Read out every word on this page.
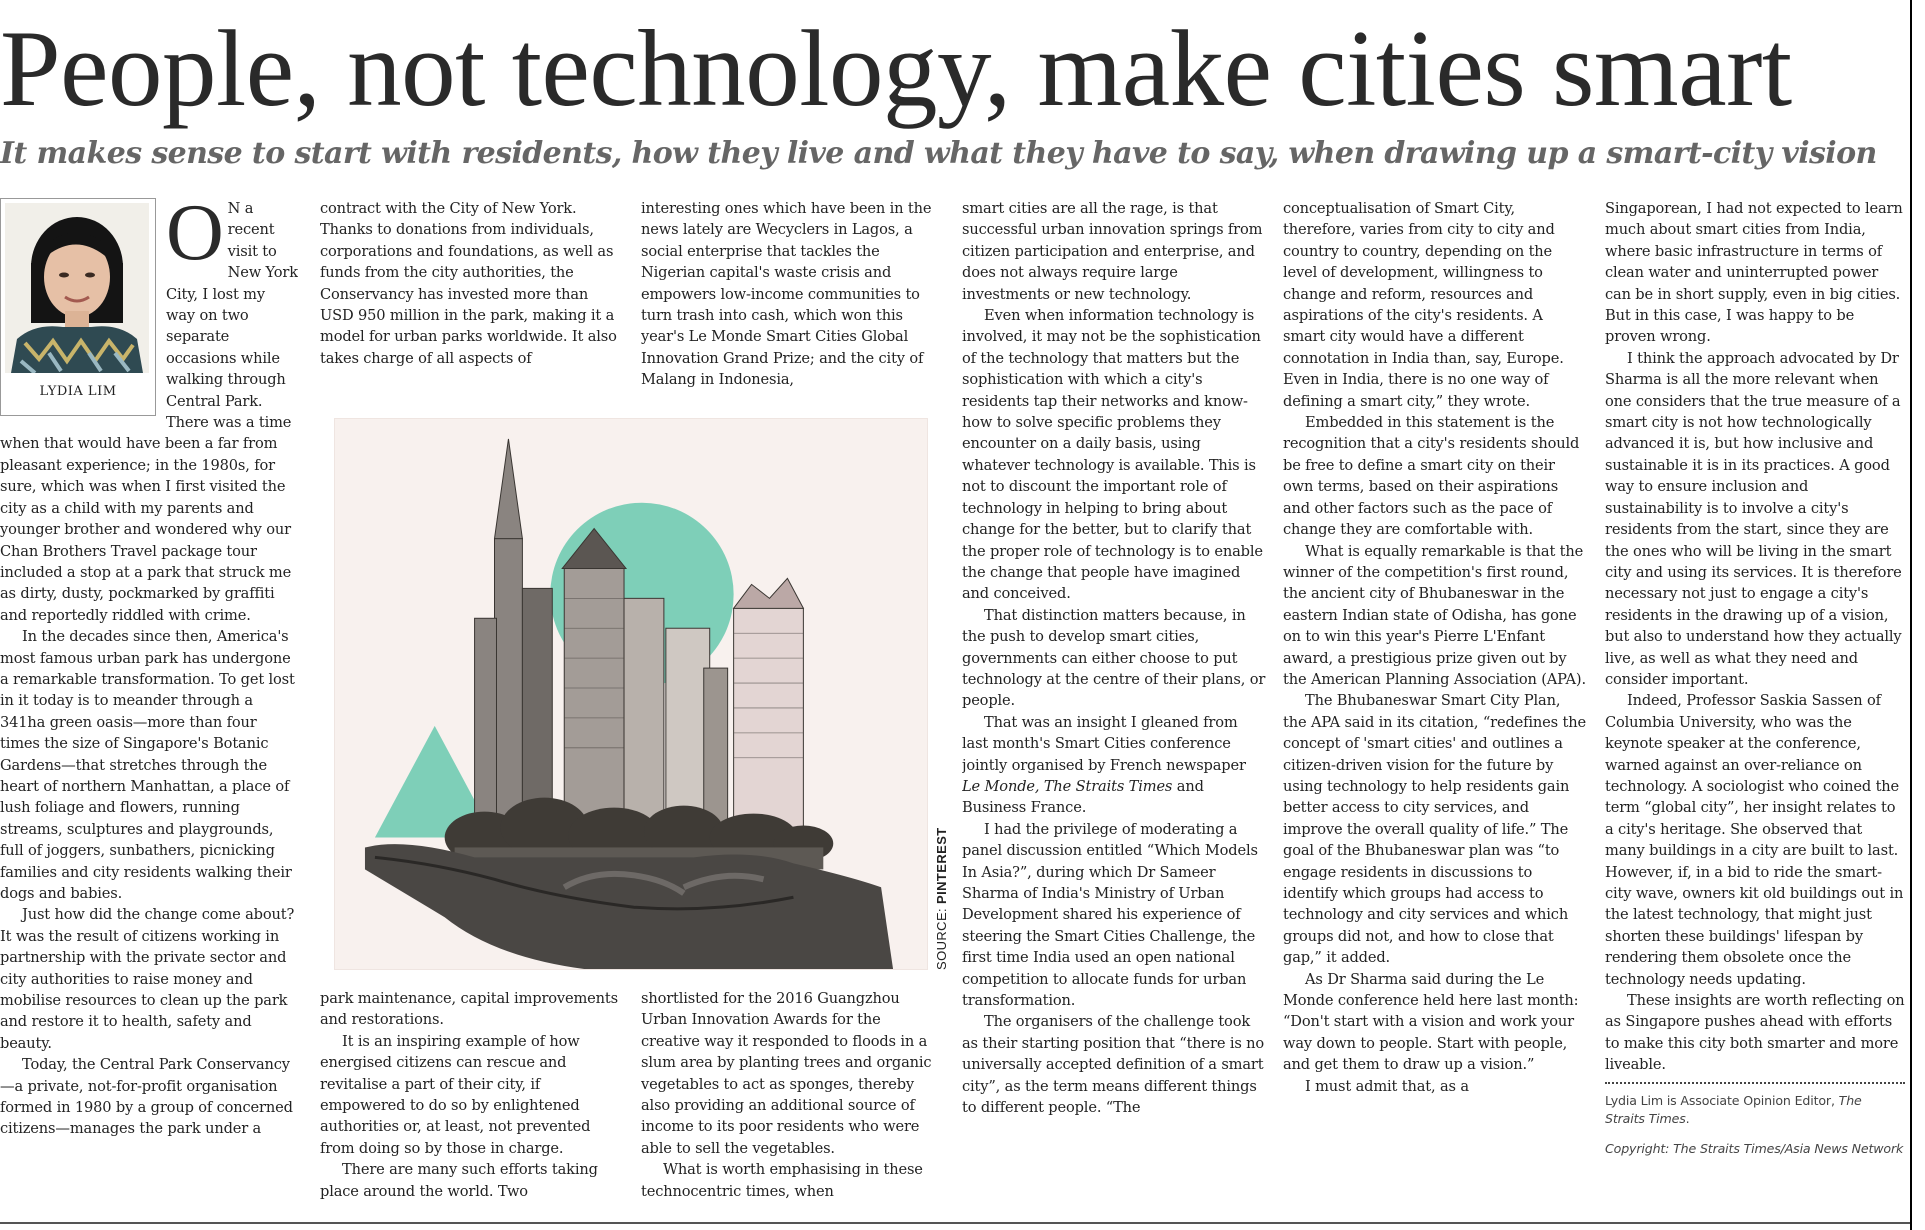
People, not technology, make cities smart
It makes sense to start with residents, how they live and what they have to say, when drawing up a smart-city vision
LYDIA LIM

O N a recent visit to New York City, I lost my way on two separate occasions while walking through Central Park. There was a time when that would have been a far from pleasant experience; in the 1980s, for sure, which was when I first visited the city as a child with my parents and younger brother and wondered why our Chan Brothers Travel package tour included a stop at a park that struck me as dirty, dusty, pockmarked by graffiti and reportedly riddled with crime.

In the decades since then, America's most famous urban park has undergone a remarkable transformation. To get lost in it today is to meander through a 341ha green oasis—more than four times the size of Singapore's Botanic Gardens—that stretches through the heart of northern Manhattan, a place of lush foliage and flowers, running streams, sculptures and playgrounds, full of joggers, sunbathers, picnicking families and city residents walking their dogs and babies.

Just how did the change come about? It was the result of citizens working in partnership with the private sector and city authorities to raise money and mobilise resources to clean up the park and restore it to health, safety and beauty.

Today, the Central Park Conservancy—a private, not-for-profit organisation formed in 1980 by a group of concerned citizens—manages the park under a

contract with the City of New York. Thanks to donations from individuals, corporations and foundations, as well as funds from the city authorities, the Conservancy has invested more than USD 950 million in the park, making it a model for urban parks worldwide. It also takes charge of all aspects of

park maintenance, capital improvements and restorations.

It is an inspiring example of how energised citizens can rescue and revitalise a part of their city, if empowered to do so by enlightened authorities or, at least, not prevented from doing so by those in charge.

There are many such efforts taking place around the world. Two

interesting ones which have been in the news lately are Wecyclers in Lagos, a social enterprise that tackles the Nigerian capital's waste crisis and empowers low-income communities to turn trash into cash, which won this year's Le Monde Smart Cities Global Innovation Grand Prize; and the city of Malang in Indonesia,

shortlisted for the 2016 Guangzhou Urban Innovation Awards for the creative way it responded to floods in a slum area by planting trees and organic vegetables to act as sponges, thereby also providing an additional source of income to its poor residents who were able to sell the vegetables.

What is worth emphasising in these technocentric times, when

SOURCE: PINTEREST

smart cities are all the rage, is that successful urban innovation springs from citizen participation and enterprise, and does not always require large investments or new technology.

Even when information technology is involved, it may not be the sophistication of the technology that matters but the sophistication with which a city's residents tap their networks and know-how to solve specific problems they encounter on a daily basis, using whatever technology is available. This is not to discount the important role of technology in helping to bring about change for the better, but to clarify that the proper role of technology is to enable the change that people have imagined and conceived.

That distinction matters because, in the push to develop smart cities, governments can either choose to put technology at the centre of their plans, or people.

That was an insight I gleaned from last month's Smart Cities conference jointly organised by French newspaper Le Monde, The Straits Times and Business France.

I had the privilege of moderating a panel discussion entitled “Which Models In Asia?”, during which Dr Sameer Sharma of India's Ministry of Urban Development shared his experience of steering the Smart Cities Challenge, the first time India used an open national competition to allocate funds for urban transformation.

The organisers of the challenge took as their starting position that “there is no universally accepted definition of a smart city”, as the term means different things to different people. “The

conceptualisation of Smart City, therefore, varies from city to city and country to country, depending on the level of development, willingness to change and reform, resources and aspirations of the city's residents. A smart city would have a different connotation in India than, say, Europe. Even in India, there is no one way of defining a smart city,” they wrote.

Embedded in this statement is the recognition that a city's residents should be free to define a smart city on their own terms, based on their aspirations and other factors such as the pace of change they are comfortable with.

What is equally remarkable is that the winner of the competition's first round, the ancient city of Bhubaneswar in the eastern Indian state of Odisha, has gone on to win this year's Pierre L'Enfant award, a prestigious prize given out by the American Planning Association (APA).

The Bhubaneswar Smart City Plan, the APA said in its citation, “redefines the concept of 'smart cities' and outlines a citizen-driven vision for the future by using technology to help residents gain better access to city services, and improve the overall quality of life.” The goal of the Bhubaneswar plan was “to engage residents in discussions to identify which groups had access to technology and city services and which groups did not, and how to close that gap,” it added.

As Dr Sharma said during the Le Monde conference held here last month: “Don't start with a vision and work your way down to people. Start with people, and get them to draw up a vision.”

I must admit that, as a

Singaporean, I had not expected to learn much about smart cities from India, where basic infrastructure in terms of clean water and uninterrupted power can be in short supply, even in big cities. But in this case, I was happy to be proven wrong.

I think the approach advocated by Dr Sharma is all the more relevant when one considers that the true measure of a smart city is not how technologically advanced it is, but how inclusive and sustainable it is in its practices. A good way to ensure inclusion and sustainability is to involve a city's residents from the start, since they are the ones who will be living in the smart city and using its services. It is therefore necessary not just to engage a city's residents in the drawing up of a vision, but also to understand how they actually live, as well as what they need and consider important.

Indeed, Professor Saskia Sassen of Columbia University, who was the keynote speaker at the conference, warned against an over-reliance on technology. A sociologist who coined the term “global city”, her insight relates to a city's heritage. She observed that many buildings in a city are built to last. However, if, in a bid to ride the smart-city wave, owners kit old buildings out in the latest technology, that might just shorten these buildings' lifespan by rendering them obsolete once the technology needs updating.

These insights are worth reflecting on as Singapore pushes ahead with efforts to make this city both smarter and more liveable.

Lydia Lim is Associate Opinion Editor, The Straits Times.

Copyright: The Straits Times/Asia News Network
